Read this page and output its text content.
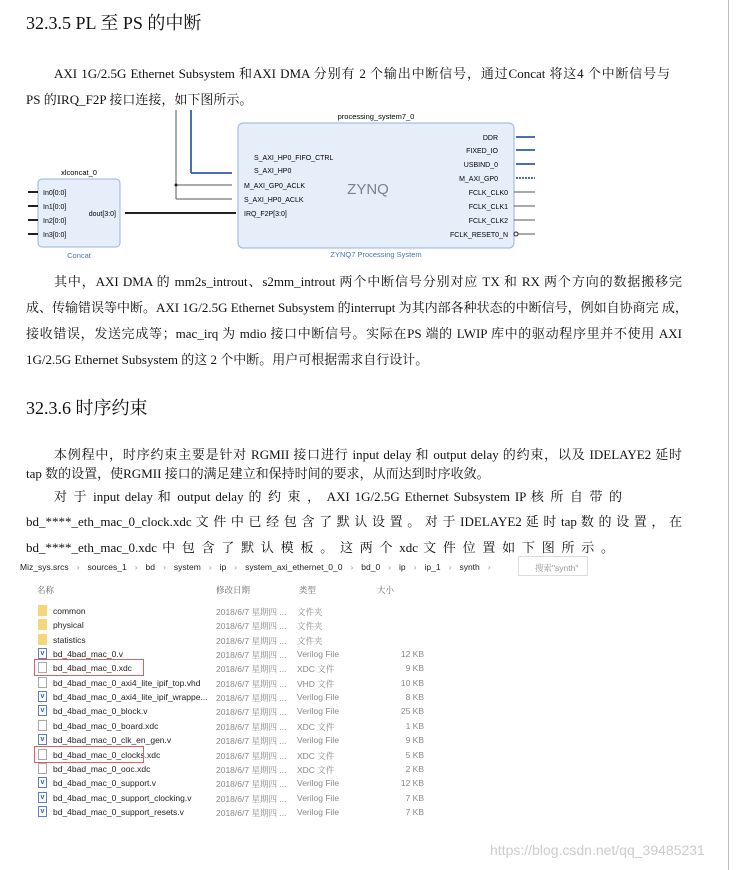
32.3.5 PL 至 PS 的中断
AXI 1G/2.5G Ethernet Subsystem 和AXI DMA 分别有 2 个输出中断信号，通过Concat 将这4 个中断信号与
PS 的IRQ_F2P 接口连接，如下图所示。
xlconcat_0
Concat
In0[0:0]
In1[0:0]
In2[0:0]
In3[0:0]
dout[3:0]
processing_system7_0
ZYNQ7 Processing System
ZYNQ
S_AXI_HP0_FIFO_CTRL
S_AXI_HP0
M_AXI_GP0_ACLK
S_AXI_HP0_ACLK
IRQ_F2P[3:0]
DDR
FIXED_IO
USBIND_0
M_AXI_GP0
FCLK_CLK0
FCLK_CLK1
FCLK_CLK2
FCLK_RESET0_N
其中，AXI DMA 的 mm2s_introut、s2mm_introut 两个中断信号分别对应 TX 和 RX 两个方向的数据搬移完
成、传输错误等中断。AXI 1G/2.5G Ethernet Subsystem 的interrupt 为其内部各种状态的中断信号，例如自协商完 成，
接收错误，发送完成等；mac_irq 为 mdio 接口中断信号。实际在PS 端的 LWIP 库中的驱动程序里并不使用 AXI
1G/2.5G Ethernet Subsystem 的这 2 个中断。用户可根据需求自行设计。
32.3.6 时序约束
本例程中，时序约束主要是针对 RGMII 接口进行 input delay 和 output delay 的约束，以及 IDELAYE2 延时
tap 数的设置，使RGMII 接口的满足建立和保持时间的要求，从而达到时序收敛。
对 于 input delay 和 output delay 的 约 束 ， AXI 1G/2.5G Ethernet Subsystem IP 核 所 自 带 的
bd_****_eth_mac_0_clock.xdc 文 件 中 已 经 包 含 了 默 认 设 置 。 对 于 IDELAYE2 延 时 tap 数 的 设 置 ， 在
bd_****_eth_mac_0.xdc 中 包 含 了 默 认 模 板 。 这 两 个 xdc 文 件 位 置 如 下 图 所 示 。
Miz_sys.srcs › sources_1 › bd › system › ip › system_axi_ethernet_0_0 › bd_0 › ip › ip_1 › synth ›	搜索"synth"
名称	修改日期	类型	大小
common	2018/6/7 星期四 ... 文件夹
physical	2018/6/7 星期四 ... 文件夹
statistics	2018/6/7 星期四 ... 文件夹
v bd_4bad_mac_0.v	2018/6/7 星期四 ... Verilog File	12 KB
bd_4bad_mac_0.xdc	2018/6/7 星期四 ... XDC 文件	9 KB
bd_4bad_mac_0_axi4_lite_ipif_top.vhd 2018/6/7 星期四 ... VHD 文件	10 KB
v bd_4bad_mac_0_axi4_lite_ipif_wrappe... 2018/6/7 星期四 ... Verilog File	8 KB
v bd_4bad_mac_0_block.v	2018/6/7 星期四 ... Verilog File	25 KB
bd_4bad_mac_0_board.xdc	2018/6/7 星期四 ... XDC 文件	1 KB
v bd_4bad_mac_0_clk_en_gen.v	2018/6/7 星期四 ... Verilog File	9 KB
bd_4bad_mac_0_clocks.xdc	2018/6/7 星期四 ... XDC 文件	5 KB
bd_4bad_mac_0_ooc.xdc	2018/6/7 星期四 ... XDC 文件	2 KB
v bd_4bad_mac_0_support.v	2018/6/7 星期四 ... Verilog File	12 KB
v bd_4bad_mac_0_support_clocking.v	2018/6/7 星期四 ... Verilog File	7 KB
v bd_4bad_mac_0_support_resets.v	2018/6/7 星期四 ... Verilog File	7 KB
https://blog.csdn.net/qq_39485231
